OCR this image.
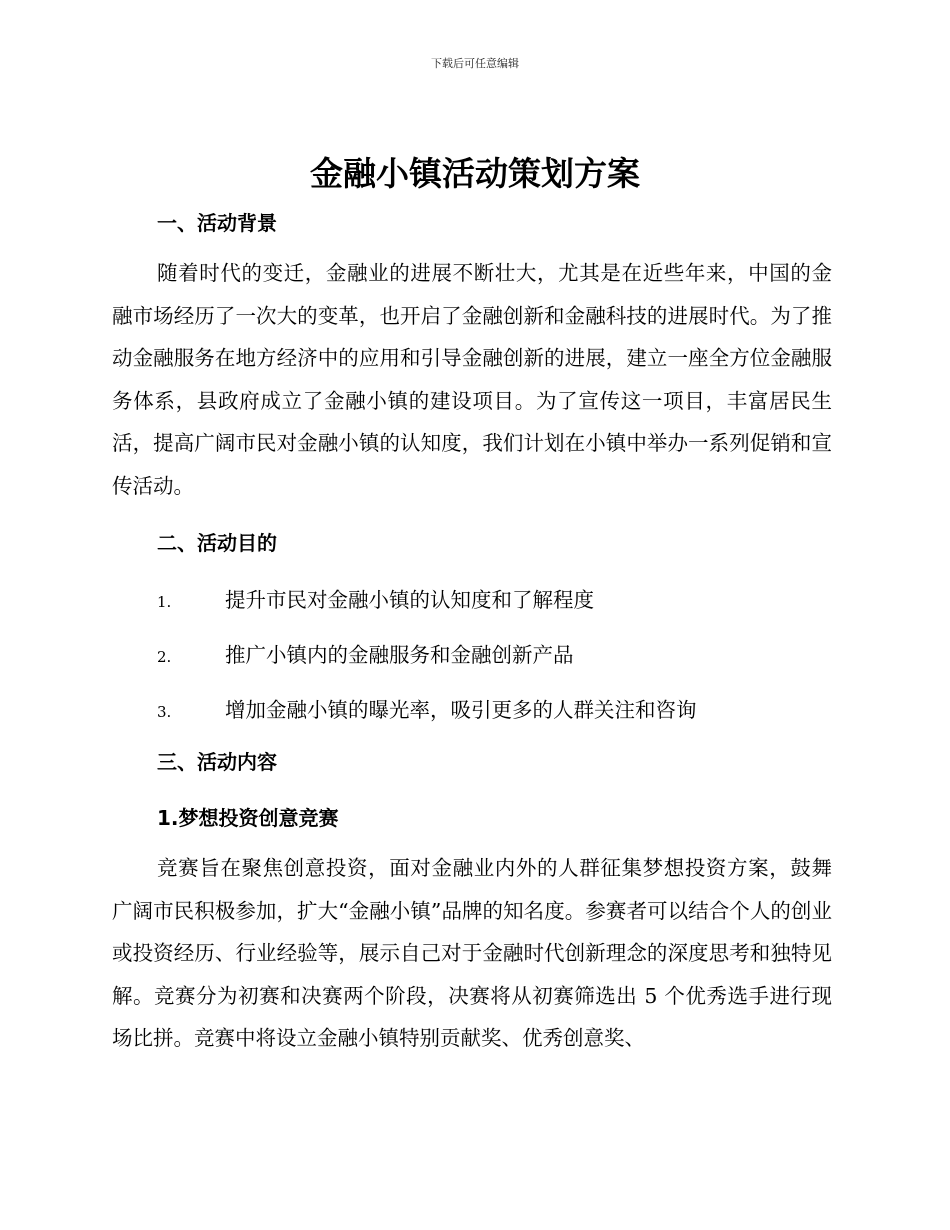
下载后可任意编辑
金融小镇活动策划方案
一、活动背景

随着时代的变迁，金融业的进展不断壮大，尤其是在近些年来，中国的金融市场经历了一次大的变革，也开启了金融创新和金融科技的进展时代。为了推动金融服务在地方经济中的应用和引导金融创新的进展，建立一座全方位金融服务体系，县政府成立了金融小镇的建设项目。为了宣传这一项目，丰富居民生活，提高广阔市民对金融小镇的认知度，我们计划在小镇中举办一系列促销和宣传活动。

二、活动目的
1.	提升市民对金融小镇的认知度和了解程度
2.	推广小镇内的金融服务和金融创新产品
3.	增加金融小镇的曝光率，吸引更多的人群关注和咨询
三、活动内容
1.梦想投资创意竞赛

竞赛旨在聚焦创意投资，面对金融业内外的人群征集梦想投资方案，鼓舞广阔市民积极参加，扩大“金融小镇”品牌的知名度。参赛者可以结合个人的创业或投资经历、行业经验等，展示自己对于金融时代创新理念的深度思考和独特见解。竞赛分为初赛和决赛两个阶段，决赛将从初赛筛选出 5 个优秀选手进行现场比拼。竞赛中将设立金融小镇特别贡献奖、优秀创意奖、
